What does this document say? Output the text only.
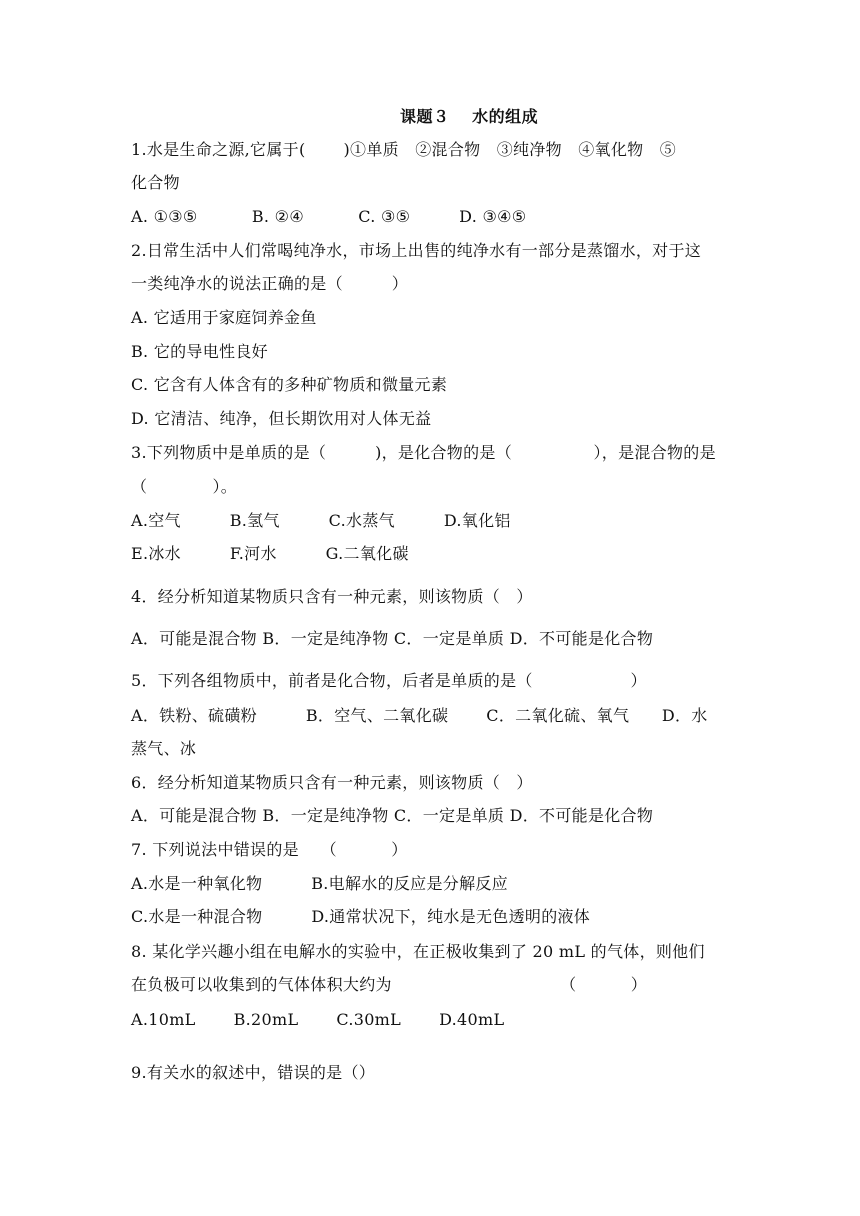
课题３　 水的组成
1.水是生命之源,它属于(　　 )①单质　②混合物　③纯净物　④氧化物　⑤
化合物
A. ①③⑤　　　 B. ②④　　　 C. ③⑤　　　D. ③④⑤
2.日常生活中人们常喝纯净水，市场上出售的纯净水有一部分是蒸馏水，对于这
一类纯净水的说法正确的是（　　　）
A. 它适用于家庭饲养金鱼
B. 它的导电性良好
C. 它含有人体含有的多种矿物质和微量元素
D. 它清洁、纯净，但长期饮用对人体无益
3.下列物质中是单质的是（　　　)，是化合物的是（　　　　　），是混合物的是
（　　　　）。
A.空气　　　B.氢气　　　C.水蒸气　　　D.氧化铝
E.冰水　　　F.河水　　　G.二氧化碳
4．经分析知道某物质只含有一种元素，则该物质（　）
A．可能是混合物 B．一定是纯净物 C．一定是单质 D．不可能是化合物
5．下列各组物质中，前者是化合物，后者是单质的是（　　　　　　）
A．铁粉、硫磺粉　　　B．空气、二氧化碳　　 C．二氧化硫、氧气　　D．水
蒸气、冰
6．经分析知道某物质只含有一种元素，则该物质（　）
A．可能是混合物 B．一定是纯净物 C．一定是单质 D．不可能是化合物
7. 下列说法中错误的是　 （　　　 ）
A.水是一种氧化物　　　B.电解水的反应是分解反应
C.水是一种混合物　　　D.通常状况下，纯水是无色透明的液体
8. 某化学兴趣小组在电解水的实验中，在正极收集到了 20 mL 的气体，则他们
在负极可以收集到的气体体积大约为　　　　　　　　　　 （　　　 ）
A.10mL　　 B.20mL　　 C.30mL　　 D.40mL
9.有关水的叙述中，错误的是（）
